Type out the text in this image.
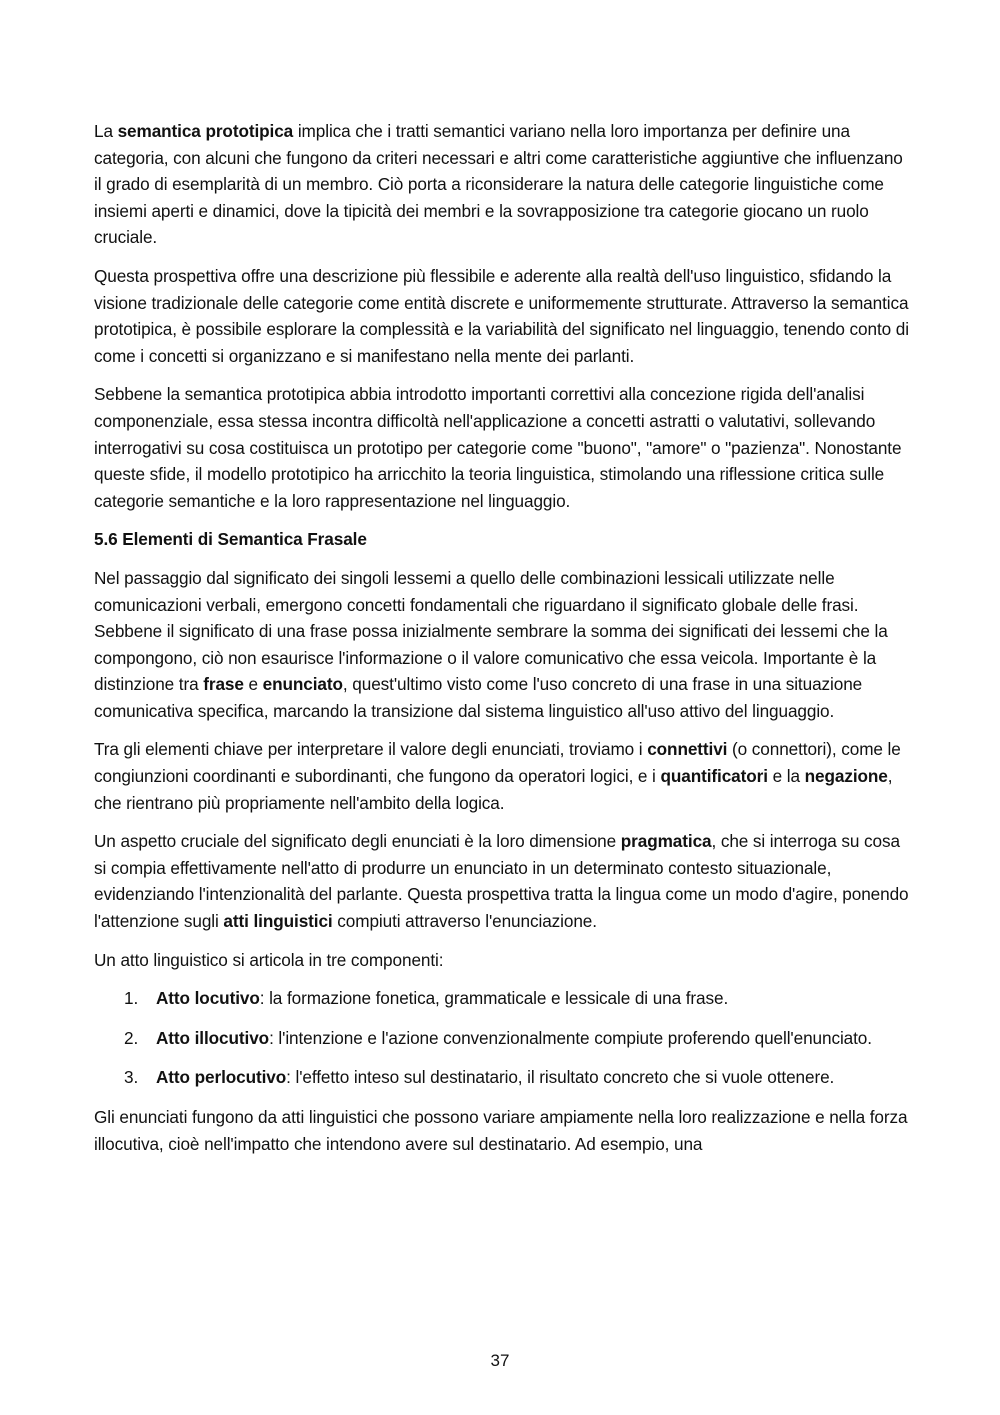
La semantica prototipica implica che i tratti semantici variano nella loro importanza per definire una categoria, con alcuni che fungono da criteri necessari e altri come caratteristiche aggiuntive che influenzano il grado di esemplarità di un membro. Ciò porta a riconsiderare la natura delle categorie linguistiche come insiemi aperti e dinamici, dove la tipicità dei membri e la sovrapposizione tra categorie giocano un ruolo cruciale.

Questa prospettiva offre una descrizione più flessibile e aderente alla realtà dell'uso linguistico, sfidando la visione tradizionale delle categorie come entità discrete e uniformemente strutturate. Attraverso la semantica prototipica, è possibile esplorare la complessità e la variabilità del significato nel linguaggio, tenendo conto di come i concetti si organizzano e si manifestano nella mente dei parlanti.

Sebbene la semantica prototipica abbia introdotto importanti correttivi alla concezione rigida dell'analisi componenziale, essa stessa incontra difficoltà nell'applicazione a concetti astratti o valutativi, sollevando interrogativi su cosa costituisca un prototipo per categorie come "buono", "amore" o "pazienza". Nonostante queste sfide, il modello prototipico ha arricchito la teoria linguistica, stimolando una riflessione critica sulle categorie semantiche e la loro rappresentazione nel linguaggio.

5.6 Elementi di Semantica Frasale

Nel passaggio dal significato dei singoli lessemi a quello delle combinazioni lessicali utilizzate nelle comunicazioni verbali, emergono concetti fondamentali che riguardano il significato globale delle frasi. Sebbene il significato di una frase possa inizialmente sembrare la somma dei significati dei lessemi che la compongono, ciò non esaurisce l'informazione o il valore comunicativo che essa veicola. Importante è la distinzione tra frase e enunciato, quest'ultimo visto come l'uso concreto di una frase in una situazione comunicativa specifica, marcando la transizione dal sistema linguistico all'uso attivo del linguaggio.

Tra gli elementi chiave per interpretare il valore degli enunciati, troviamo i connettivi (o connettori), come le congiunzioni coordinanti e subordinanti, che fungono da operatori logici, e i quantificatori e la negazione, che rientrano più propriamente nell'ambito della logica.

Un aspetto cruciale del significato degli enunciati è la loro dimensione pragmatica, che si interroga su cosa si compia effettivamente nell'atto di produrre un enunciato in un determinato contesto situazionale, evidenziando l'intenzionalità del parlante. Questa prospettiva tratta la lingua come un modo d'agire, ponendo l'attenzione sugli atti linguistici compiuti attraverso l'enunciazione.

Un atto linguistico si articola in tre componenti:

1. Atto locutivo: la formazione fonetica, grammaticale e lessicale di una frase.
2. Atto illocutivo: l'intenzione e l'azione convenzionalmente compiute proferendo quell'enunciato.
3. Atto perlocutivo: l'effetto inteso sul destinatario, il risultato concreto che si vuole ottenere.

Gli enunciati fungono da atti linguistici che possono variare ampiamente nella loro realizzazione e nella forza illocutiva, cioè nell'impatto che intendono avere sul destinatario. Ad esempio, una

37
